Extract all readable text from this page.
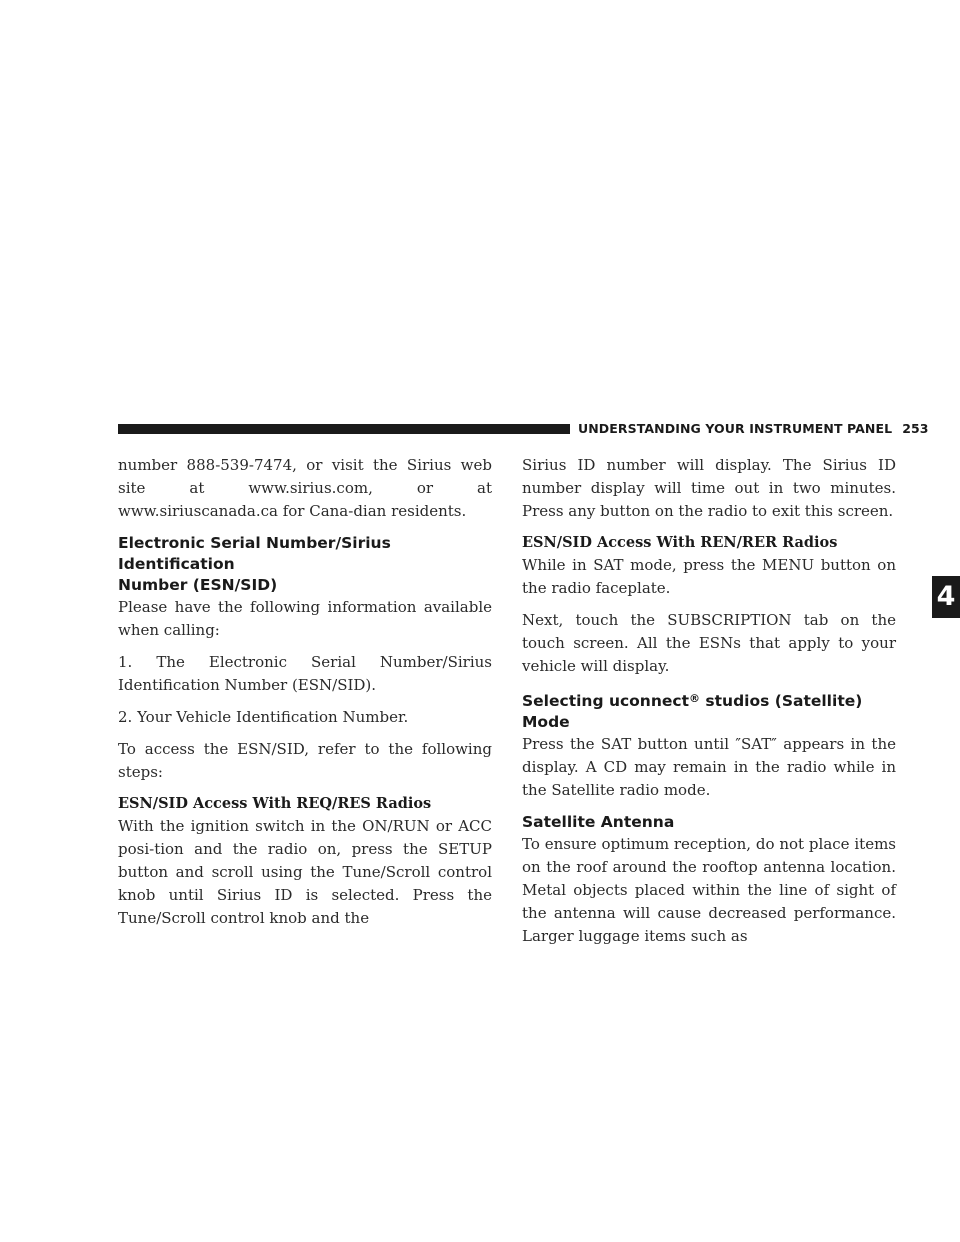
UNDERSTANDING YOUR INSTRUMENT PANEL 253
4

number 888-539-7474, or visit the Sirius web site at www.sirius.com, or at www.siriuscanada.ca for Cana-dian residents.

Electronic Serial Number/Sirius Identification
Number (ESN/SID)

Please have the following information available when calling:

1. The Electronic Serial Number/Sirius Identification Number (ESN/SID).

2. Your Vehicle Identification Number.

To access the ESN/SID, refer to the following steps:

ESN/SID Access With REQ/RES Radios

With the ignition switch in the ON/RUN or ACC posi-tion and the radio on, press the SETUP button and scroll using the Tune/Scroll control knob until Sirius ID is selected. Press the Tune/Scroll control knob and the

Sirius ID number will display. The Sirius ID number display will time out in two minutes. Press any button on the radio to exit this screen.

ESN/SID Access With REN/RER Radios

While in SAT mode, press the MENU button on the radio faceplate.

Next, touch the SUBSCRIPTION tab on the touch screen. All the ESNs that apply to your vehicle will display.

Selecting uconnect® studios (Satellite) Mode

Press the SAT button until ″SAT″ appears in the display. A CD may remain in the radio while in the Satellite radio mode.

Satellite Antenna

To ensure optimum reception, do not place items on the roof around the rooftop antenna location. Metal objects placed within the line of sight of the antenna will cause decreased performance. Larger luggage items such as
